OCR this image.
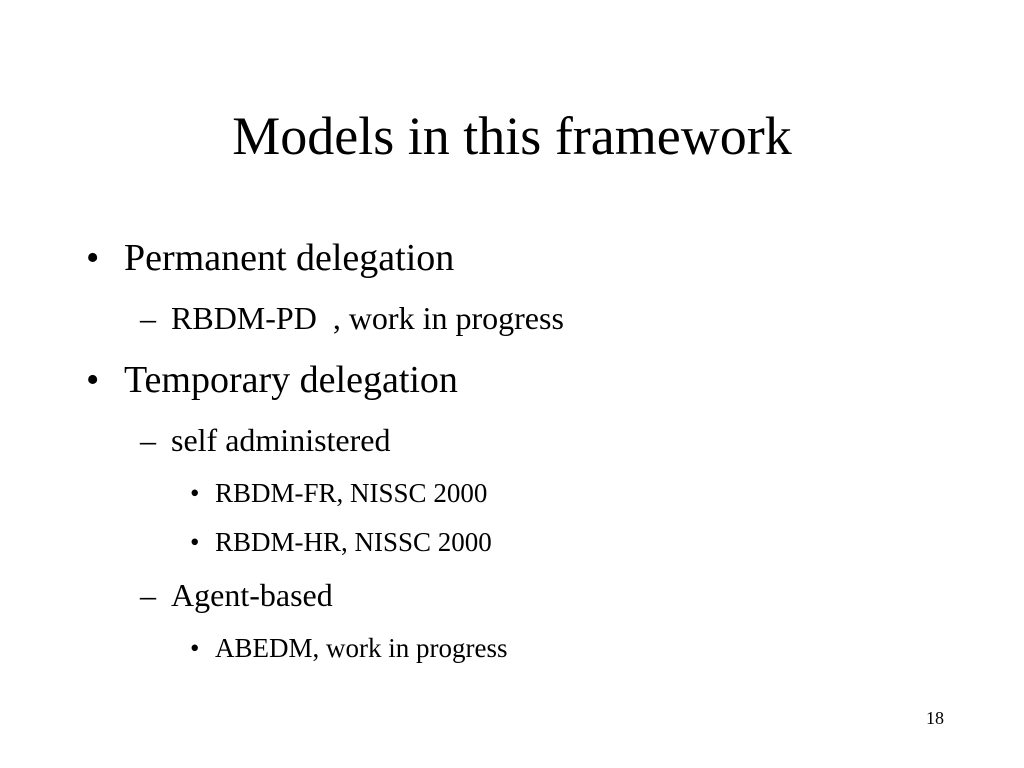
Models in this framework
• Permanent delegation

– RBDM-PD  , work in progress

• Temporary delegation

– self administered

• RBDM-FR, NISSC 2000

• RBDM-HR, NISSC 2000

– Agent-based

• ABEDM, work in progress

18
